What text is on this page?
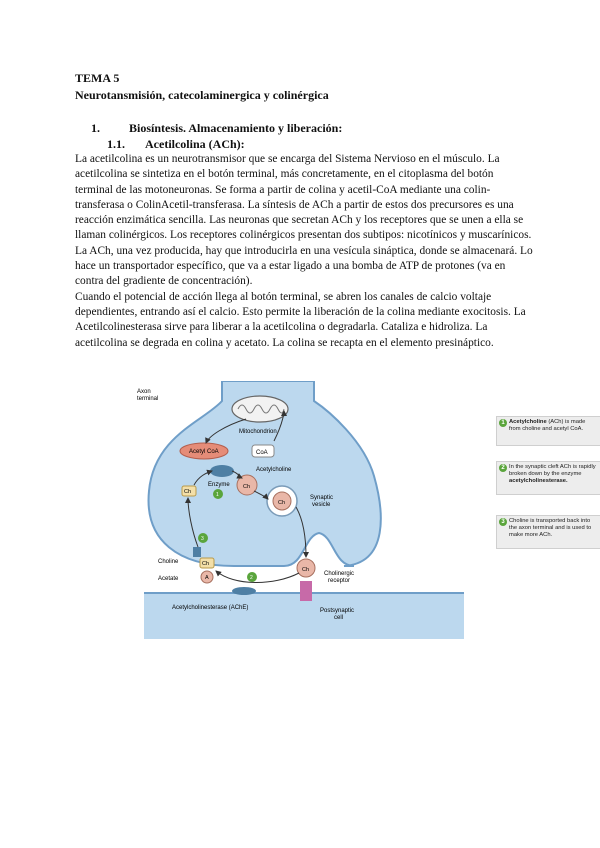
TEMA 5
Neurotansmisión, catecolaminergica y colinérgica
1. Biosíntesis. Almacenamiento y liberación:
1.1. Acetilcolina (ACh):

La acetilcolina es un neurotransmisor que se encarga del Sistema Nervioso en el músculo. La acetilcolina se sintetiza en el botón terminal, más concretamente, en el citoplasma del botón terminal de las motoneuronas. Se forma a partir de colina y acetil-CoA mediante una colin-transferasa o ColinAcetil-transferasa. La síntesis de ACh a partir de estos dos precursores es una reacción enzimática sencilla. Las neuronas que secretan ACh y los receptores que se unen a ella se llaman colinérgicos. Los receptores colinérgicos presentan dos subtipos: nicotínicos y muscarínicos.

La ACh, una vez producida, hay que introducirla en una vesícula sináptica, donde se almacenará. Lo hace un transportador específico, que va a estar ligado a una bomba de ATP de protones (va en contra del gradiente de concentración).

Cuando el potencial de acción llega al botón terminal, se abren los canales de calcio voltaje dependientes, entrando así el calcio. Esto permite la liberación de la colina mediante exocitosis. La Acetilcolinesterasa sirve para liberar a la acetilcolina o degradarla. Cataliza e hidroliza. La acetilcolina se degrada en colina y acetato. La colina se recapta en el elemento presináptico.

Axon
terminal
Mitochondrion
Acetyl CoA	CoA
Acetylcholine
Enzyme
Ch
Ch
Ch
Synaptic
vesicle
1
2
3
Choline	Ch
Acetate	A
Ch
Acetylcholinesterase (AChE)
Cholinergic
receptor
Postsynaptic
cell
1 Acetylcholine (ACh) is made from choline and acetyl CoA.
2 In the synaptic cleft ACh is rapidly broken down by the enzyme acetylcholinesterase.
3 Choline is transported back into the axon terminal and is used to make more ACh.
